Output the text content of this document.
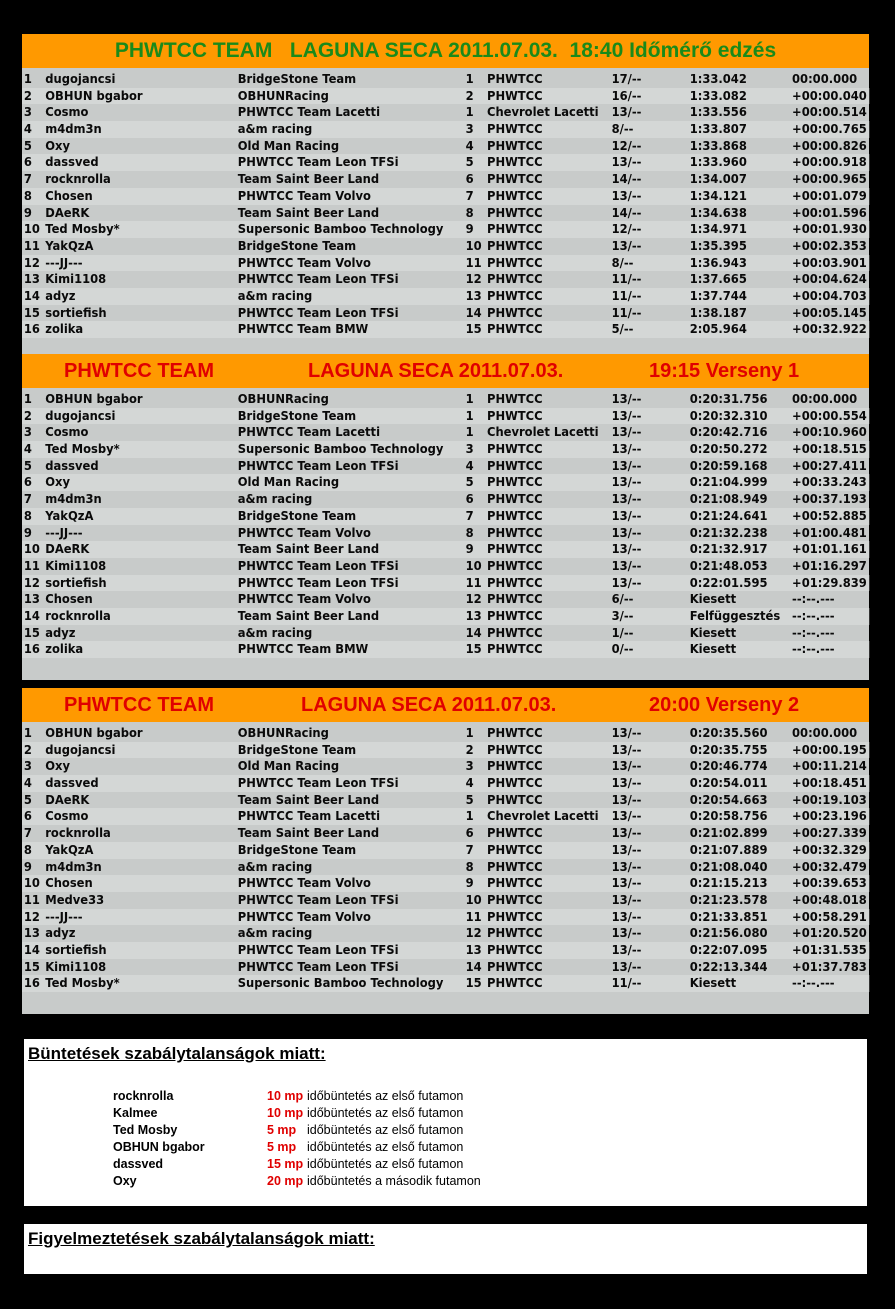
PHWTCC TEAM   LAGUNA SECA 2011.07.03.  18:40 Időmérő edzés
1 dugojancsi	BridgeStone Team	1 PHWTCC	17/--	1:33.042	00:00.000
2 OBHUN bgabor	OBHUNRacing	2 PHWTCC	16/--	1:33.082	+00:00.040
3 Cosmo	PHWTCC Team Lacetti	1 Chevrolet Lacetti 13/--	1:33.556	+00:00.514
4 m4dm3n	a&m racing	3 PHWTCC	8/--	1:33.807	+00:00.765
5 Oxy	Old Man Racing	4 PHWTCC	12/--	1:33.868	+00:00.826
6 dassved	PHWTCC Team Leon TFSi	5 PHWTCC	13/--	1:33.960	+00:00.918
7 rocknrolla	Team Saint Beer Land	6 PHWTCC	14/--	1:34.007	+00:00.965
8 Chosen	PHWTCC Team Volvo	7 PHWTCC	13/--	1:34.121	+00:01.079
9 DAeRK	Team Saint Beer Land	8 PHWTCC	14/--	1:34.638	+00:01.596
10 Ted Mosby*	Supersonic Bamboo Technology 9 PHWTCC	12/--	1:34.971	+00:01.930
11 YakQzA	BridgeStone Team	10 PHWTCC	13/--	1:35.395	+00:02.353
12 ---JJ---	PHWTCC Team Volvo	11 PHWTCC	8/--	1:36.943	+00:03.901
13 Kimi1108	PHWTCC Team Leon TFSi	12 PHWTCC	11/--	1:37.665	+00:04.624
14 adyz	a&m racing	13 PHWTCC	11/--	1:37.744	+00:04.703
15 sortiefish	PHWTCC Team Leon TFSi	14 PHWTCC	11/--	1:38.187	+00:05.145
16 zolika	PHWTCC Team BMW	15 PHWTCC	5/--	2:05.964	+00:32.922
PHWTCC TEAM	LAGUNA SECA 2011.07.03.	19:15 Verseny 1
1 OBHUN bgabor	OBHUNRacing	1 PHWTCC	13/--	0:20:31.756 00:00.000
2 dugojancsi	BridgeStone Team	1 PHWTCC	13/--	0:20:32.310 +00:00.554
3 Cosmo	PHWTCC Team Lacetti	1 Chevrolet Lacetti 13/--	0:20:42.716 +00:10.960
4 Ted Mosby*	Supersonic Bamboo Technology 3 PHWTCC	13/--	0:20:50.272 +00:18.515
5 dassved	PHWTCC Team Leon TFSi	4 PHWTCC	13/--	0:20:59.168 +00:27.411
6 Oxy	Old Man Racing	5 PHWTCC	13/--	0:21:04.999 +00:33.243
7 m4dm3n	a&m racing	6 PHWTCC	13/--	0:21:08.949 +00:37.193
8 YakQzA	BridgeStone Team	7 PHWTCC	13/--	0:21:24.641 +00:52.885
9 ---JJ---	PHWTCC Team Volvo	8 PHWTCC	13/--	0:21:32.238 +01:00.481
10 DAeRK	Team Saint Beer Land	9 PHWTCC	13/--	0:21:32.917 +01:01.161
11 Kimi1108	PHWTCC Team Leon TFSi	10 PHWTCC	13/--	0:21:48.053 +01:16.297
12 sortiefish	PHWTCC Team Leon TFSi	11 PHWTCC	13/--	0:22:01.595 +01:29.839
13 Chosen	PHWTCC Team Volvo	12 PHWTCC	6/--	Kiesett	--:--.---
14 rocknrolla	Team Saint Beer Land	13 PHWTCC	3/--	Felfüggesztés --:--.---
15 adyz	a&m racing	14 PHWTCC	1/--	Kiesett	--:--.---
16 zolika	PHWTCC Team BMW	15 PHWTCC	0/--	Kiesett	--:--.---
PHWTCC TEAM	LAGUNA SECA 2011.07.03.	20:00 Verseny 2
1 OBHUN bgabor	OBHUNRacing	1 PHWTCC	13/--	0:20:35.560 00:00.000
2 dugojancsi	BridgeStone Team	2 PHWTCC	13/--	0:20:35.755 +00:00.195
3 Oxy	Old Man Racing	3 PHWTCC	13/--	0:20:46.774 +00:11.214
4 dassved	PHWTCC Team Leon TFSi	4 PHWTCC	13/--	0:20:54.011 +00:18.451
5 DAeRK	Team Saint Beer Land	5 PHWTCC	13/--	0:20:54.663 +00:19.103
6 Cosmo	PHWTCC Team Lacetti	1 Chevrolet Lacetti 13/--	0:20:58.756 +00:23.196
7 rocknrolla	Team Saint Beer Land	6 PHWTCC	13/--	0:21:02.899 +00:27.339
8 YakQzA	BridgeStone Team	7 PHWTCC	13/--	0:21:07.889 +00:32.329
9 m4dm3n	a&m racing	8 PHWTCC	13/--	0:21:08.040 +00:32.479
10 Chosen	PHWTCC Team Volvo	9 PHWTCC	13/--	0:21:15.213 +00:39.653
11 Medve33	PHWTCC Team Leon TFSi	10 PHWTCC	13/--	0:21:23.578 +00:48.018
12 ---JJ---	PHWTCC Team Volvo	11 PHWTCC	13/--	0:21:33.851 +00:58.291
13 adyz	a&m racing	12 PHWTCC	13/--	0:21:56.080 +01:20.520
14 sortiefish	PHWTCC Team Leon TFSi	13 PHWTCC	13/--	0:22:07.095 +01:31.535
15 Kimi1108	PHWTCC Team Leon TFSi	14 PHWTCC	13/--	0:22:13.344 +01:37.783
16 Ted Mosby*	Supersonic Bamboo Technology 15 PHWTCC	11/--	Kiesett	--:--.---
Büntetések szabálytalanságok miatt:
rocknrolla	10 mp időbüntetés az első futamon
Kalmee	10 mp időbüntetés az első futamon
Ted Mosby	5 mp időbüntetés az első futamon
OBHUN bgabor	5 mp időbüntetés az első futamon
dassved	15 mp időbüntetés az első futamon
Oxy	20 mp időbüntetés a második futamon
Figyelmeztetések szabálytalanságok miatt:
